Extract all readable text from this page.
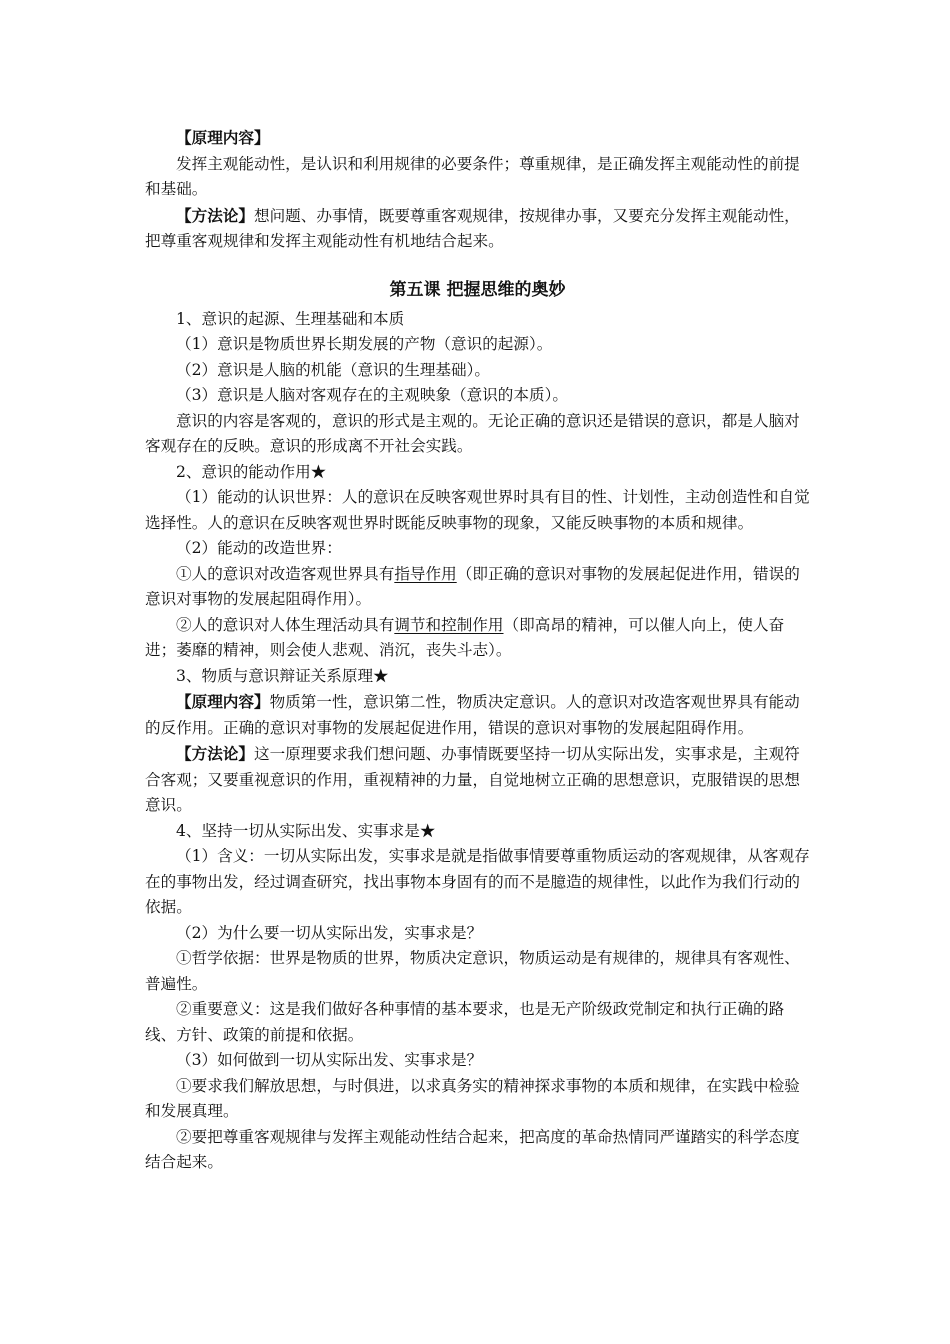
【原理内容】

发挥主观能动性，是认识和利用规律的必要条件；尊重规律，是正确发挥主观能动性的前提和基础。

【方法论】想问题、办事情，既要尊重客观规律，按规律办事，又要充分发挥主观能动性，把尊重客观规律和发挥主观能动性有机地结合起来。

第五课 把握思维的奥妙

1、意识的起源、生理基础和本质

（1）意识是物质世界长期发展的产物（意识的起源）。

（2）意识是人脑的机能（意识的生理基础）。

（3）意识是人脑对客观存在的主观映象（意识的本质）。

意识的内容是客观的，意识的形式是主观的。无论正确的意识还是错误的意识，都是人脑对客观存在的反映。意识的形成离不开社会实践。

2、意识的能动作用★

（1）能动的认识世界：人的意识在反映客观世界时具有目的性、计划性，主动创造性和自觉选择性。人的意识在反映客观世界时既能反映事物的现象，又能反映事物的本质和规律。

（2）能动的改造世界：

①人的意识对改造客观世界具有指导作用（即正确的意识对事物的发展起促进作用，错误的意识对事物的发展起阻碍作用）。

②人的意识对人体生理活动具有调节和控制作用（即高昂的精神，可以催人向上，使人奋进；萎靡的精神，则会使人悲观、消沉，丧失斗志）。

3、物质与意识辩证关系原理★

【原理内容】物质第一性，意识第二性，物质决定意识。人的意识对改造客观世界具有能动的反作用。正确的意识对事物的发展起促进作用，错误的意识对事物的发展起阻碍作用。

【方法论】这一原理要求我们想问题、办事情既要坚持一切从实际出发，实事求是，主观符合客观；又要重视意识的作用，重视精神的力量，自觉地树立正确的思想意识，克服错误的思想意识。

4、坚持一切从实际出发、实事求是★

（1）含义：一切从实际出发，实事求是就是指做事情要尊重物质运动的客观规律，从客观存在的事物出发，经过调查研究，找出事物本身固有的而不是臆造的规律性，以此作为我们行动的依据。

（2）为什么要一切从实际出发，实事求是？

①哲学依据：世界是物质的世界，物质决定意识，物质运动是有规律的，规律具有客观性、普遍性。

②重要意义：这是我们做好各种事情的基本要求，也是无产阶级政党制定和执行正确的路线、方针、政策的前提和依据。

（3）如何做到一切从实际出发、实事求是？

①要求我们解放思想，与时俱进，以求真务实的精神探求事物的本质和规律，在实践中检验和发展真理。

②要把尊重客观规律与发挥主观能动性结合起来，把高度的革命热情同严谨踏实的科学态度结合起来。
